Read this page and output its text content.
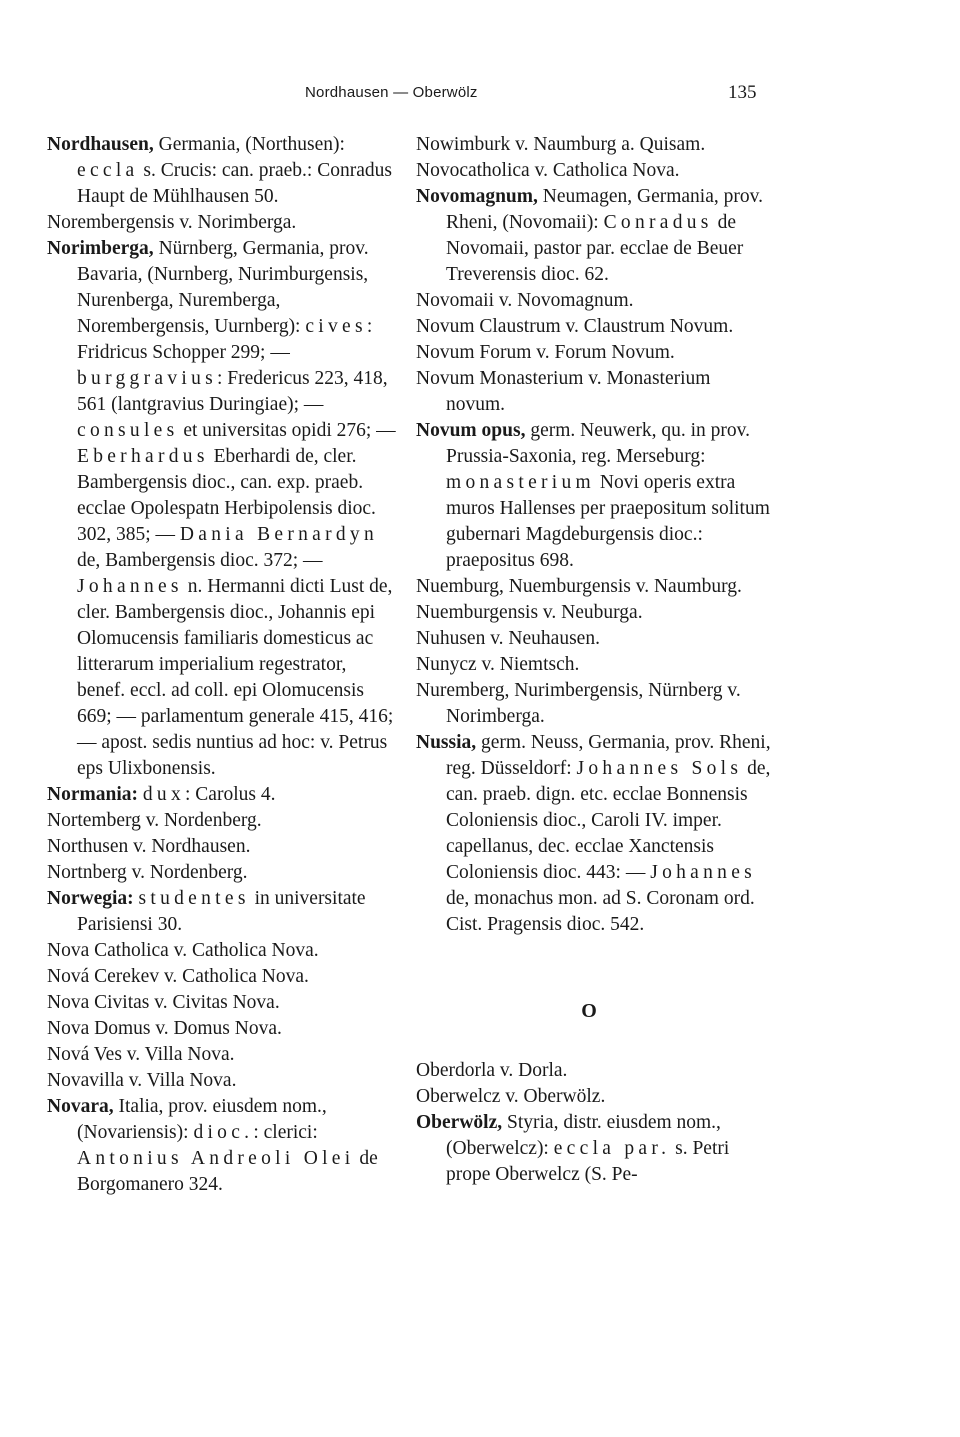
Nordhausen — Oberwölz	135

Nordhausen, Germania, (Northusen): eccla s. Crucis: can. praeb.: Conradus Haupt de Mühlhausen 50.

Norembergensis v. Norimberga.

Norimberga, Nürnberg, Germania, prov. Bavaria, (Nurnberg, Nurimburgensis, Nurenberga, Nuremberga, Norembergensis, Uurnberg): cives: Fridricus Schopper 299; — burggravius: Fredericus 223, 418, 561 (lantgravius Duringiae); — consules et universitas opidi 276; — Eberhardus Eberhardi de, cler. Bambergensis dioc., can. exp. praeb. ecclae Opolespatn Herbipolensis dioc. 302, 385; — Dania Bernardyn de, Bambergensis dioc. 372; — Johannes n. Hermanni dicti Lust de, cler. Bambergensis dioc., Johannis epi Olomucensis familiaris domesticus ac litterarum imperialium regestrator, benef. eccl. ad coll. epi Olomucensis 669; — parlamentum generale 415, 416; — apost. sedis nuntius ad hoc: v. Petrus eps Ulixbonensis.

Normania: dux: Carolus 4.

Nortemberg v. Nordenberg.

Northusen v. Nordhausen.

Nortnberg v. Nordenberg.

Norwegia: studentes in universitate Parisiensi 30.

Nova Catholica v. Catholica Nova.

Nová Cerekev v. Catholica Nova.

Nova Civitas v. Civitas Nova.

Nova Domus v. Domus Nova.

Nová Ves v. Villa Nova.

Novavilla v. Villa Nova.

Novara, Italia, prov. eiusdem nom., (Novariensis): dioc.: clerici: Antonius Andreoli Olei de Borgomanero 324.

Nowimburk v. Naumburg a. Quisam.

Novocatholica v. Catholica Nova.

Novomagnum, Neumagen, Germania, prov. Rheni, (Novomaii): Conradus de Novomaii, pastor par. ecclae de Beuer Treverensis dioc. 62.

Novomaii v. Novomagnum.

Novum Claustrum v. Claustrum Novum.

Novum Forum v. Forum Novum.

Novum Monasterium v. Monasterium novum.

Novum opus, germ. Neuwerk, qu. in prov. Prussia-Saxonia, reg. Merseburg: monasterium Novi operis extra muros Hallenses per praepositum solitum gubernari Magdeburgensis dioc.: praepositus 698.

Nuemburg, Nuemburgensis v. Naumburg.

Nuemburgensis v. Neuburga.

Nuhusen v. Neuhausen.

Nunycz v. Niemtsch.

Nuremberg, Nurimbergensis, Nürnberg v. Norimberga.

Nussia, germ. Neuss, Germania, prov. Rheni, reg. Düsseldorf: Johannes Sols de, can. praeb. dign. etc. ecclae Bonnensis Coloniensis dioc., Caroli IV. imper. capellanus, dec. ecclae Xanctensis Coloniensis dioc. 443: — Johannes de, monachus mon. ad S. Coronam ord. Cist. Pragensis dioc. 542.

O

Oberdorla v. Dorla.

Oberwelcz v. Oberwölz.

Oberwölz, Styria, distr. eiusdem nom., (Oberwelcz): eccla par. s. Petri prope Oberwelcz (S. Pe-
